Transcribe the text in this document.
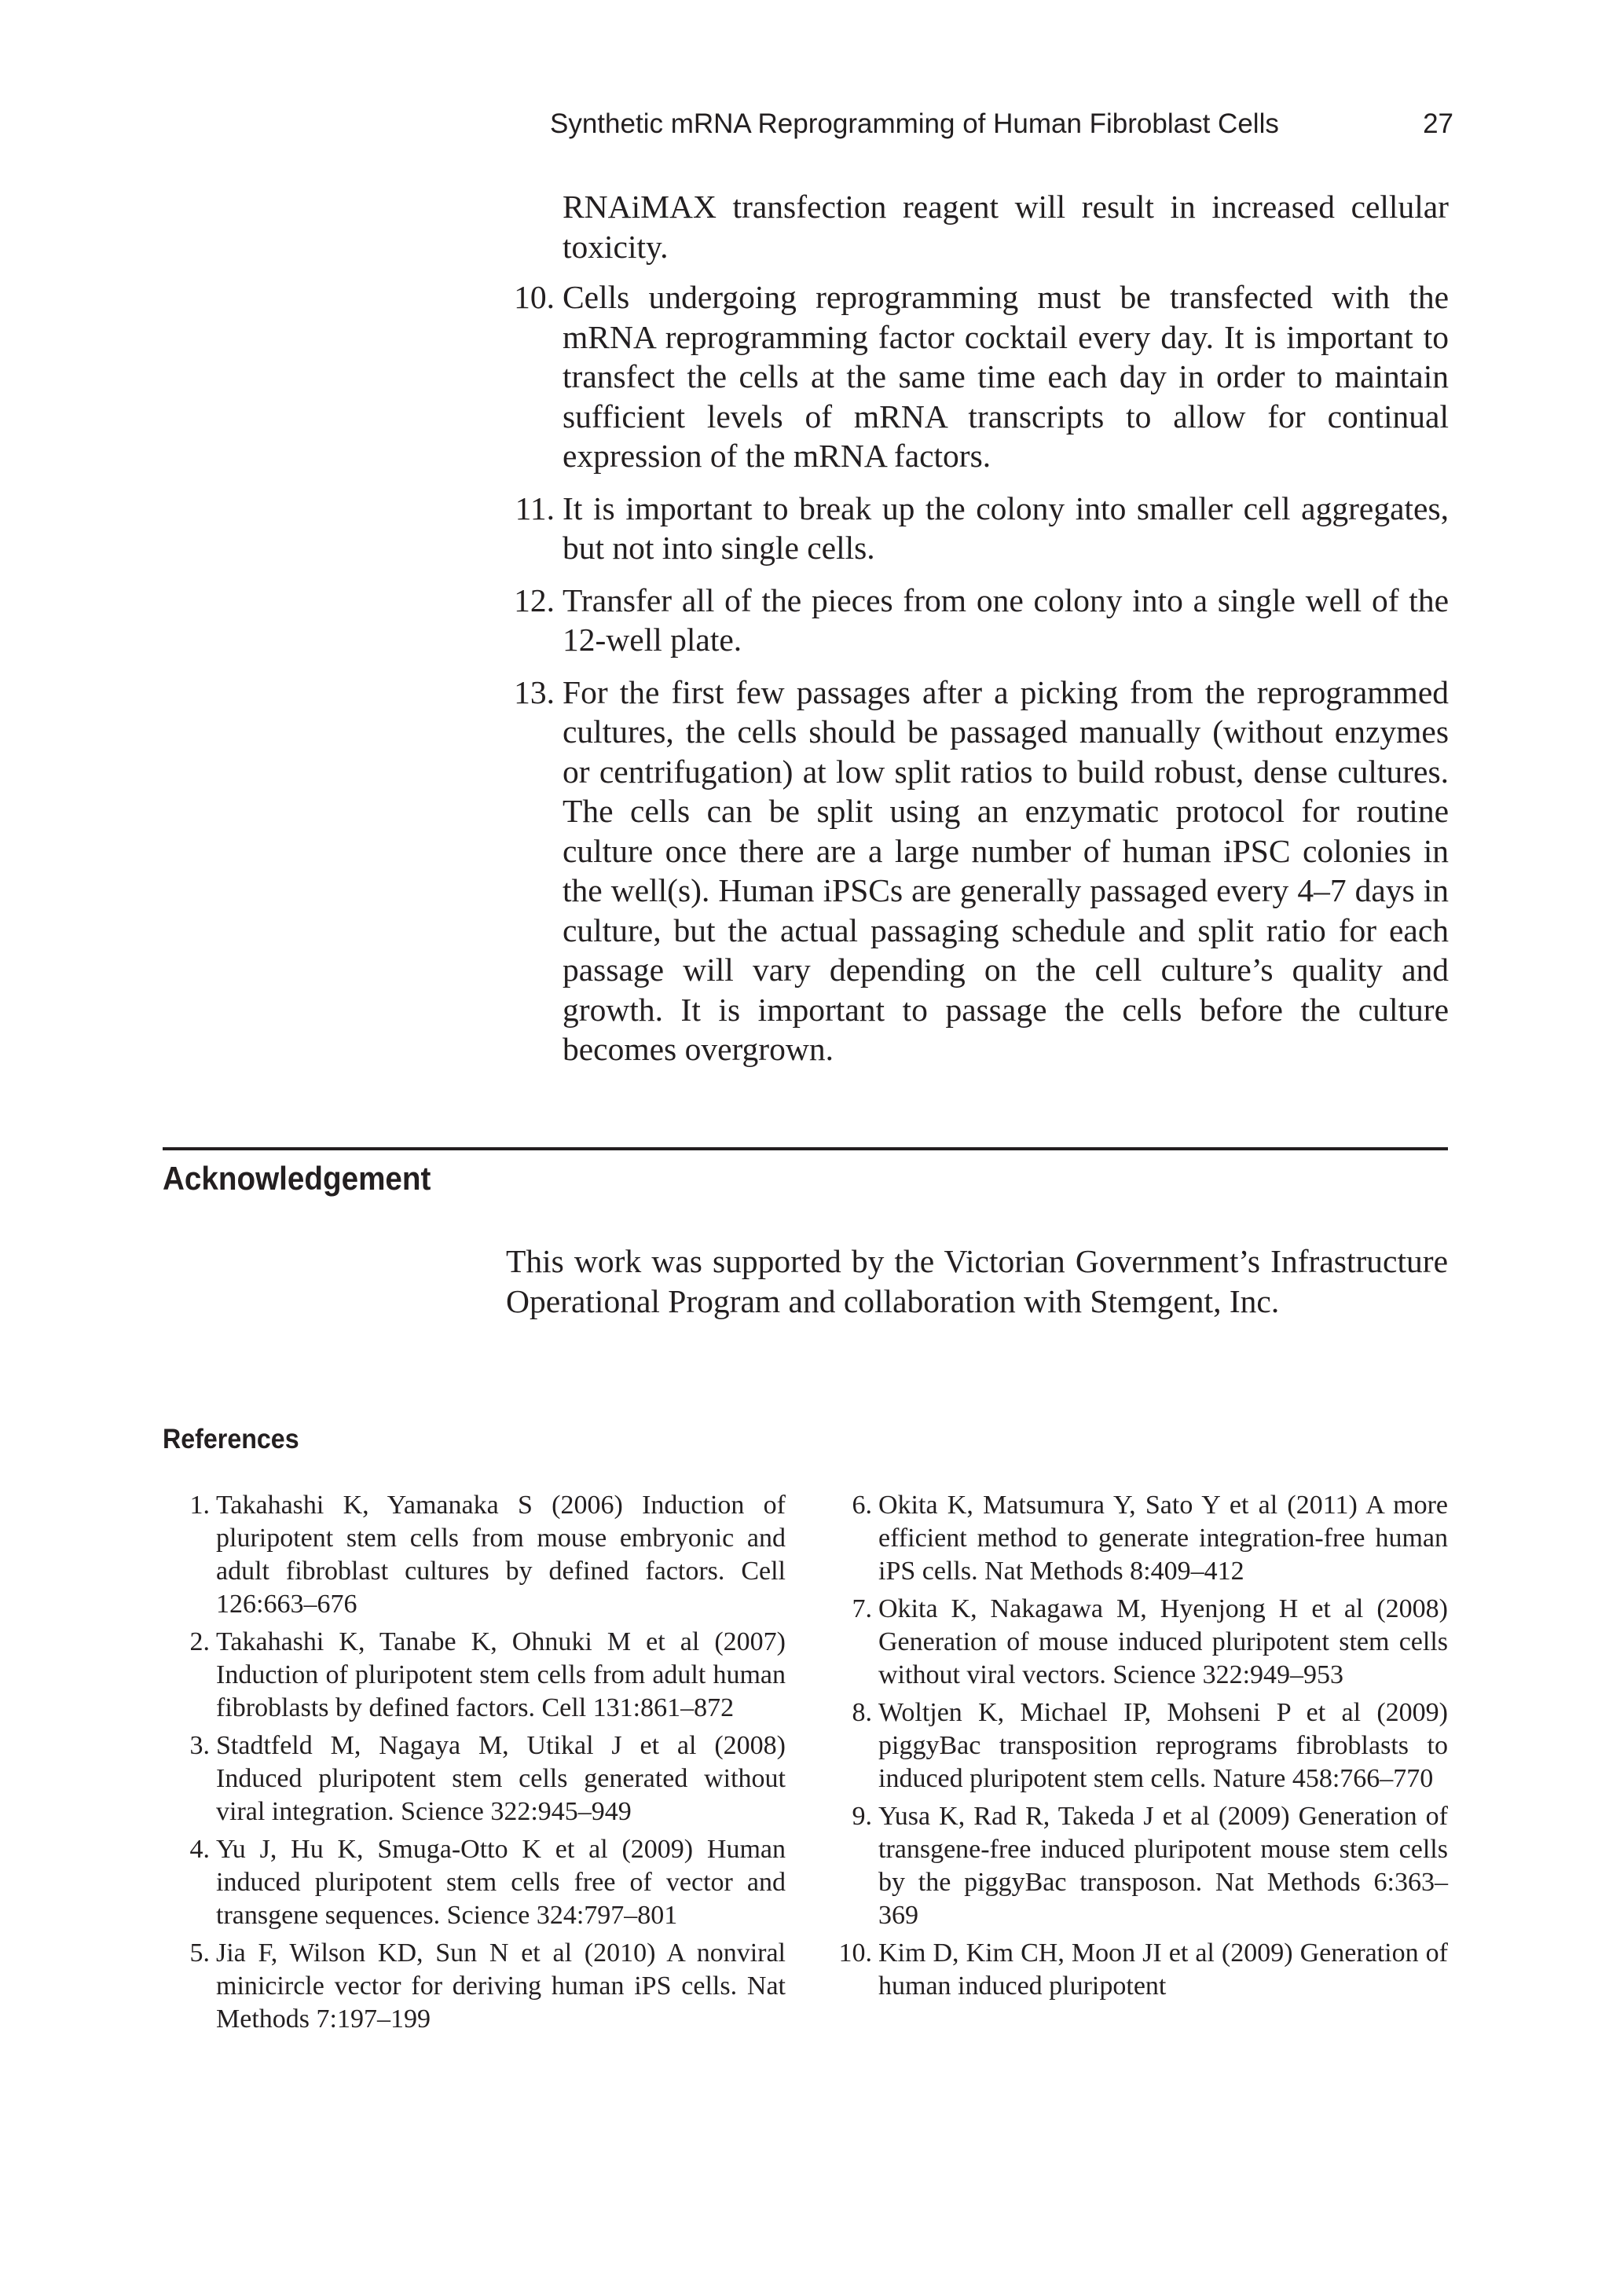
Synthetic mRNA Reprogramming of Human Fibroblast Cells	27

RNAiMAX transfection reagent will result in increased cellular toxicity.

10. Cells undergoing reprogramming must be transfected with the mRNA reprogramming factor cocktail every day. It is important to transfect the cells at the same time each day in order to maintain sufficient levels of mRNA transcripts to allow for continual expression of the mRNA factors.

11. It is important to break up the colony into smaller cell aggregates, but not into single cells.

12. Transfer all of the pieces from one colony into a single well of the 12-well plate.

13. For the first few passages after a picking from the reprogrammed cultures, the cells should be passaged manually (without enzymes or centrifugation) at low split ratios to build robust, dense cultures. The cells can be split using an enzymatic protocol for routine culture once there are a large number of human iPSC colonies in the well(s). Human iPSCs are generally passaged every 4–7 days in culture, but the actual passaging schedule and split ratio for each passage will vary depending on the cell culture’s quality and growth. It is important to passage the cells before the culture becomes overgrown.

Acknowledgement
This work was supported by the Victorian Government’s Infrastructure Operational Program and collaboration with Stemgent, Inc.
References

1. Takahashi K, Yamanaka S (2006) Induction of pluripotent stem cells from mouse embryonic and adult fibroblast cultures by defined factors. Cell 126:663–676

2. Takahashi K, Tanabe K, Ohnuki M et al (2007) Induction of pluripotent stem cells from adult human fibroblasts by defined factors. Cell 131:861–872

3. Stadtfeld M, Nagaya M, Utikal J et al (2008) Induced pluripotent stem cells generated without viral integration. Science 322:945–949

4. Yu J, Hu K, Smuga-Otto K et al (2009) Human induced pluripotent stem cells free of vector and transgene sequences. Science 324:797–801

5. Jia F, Wilson KD, Sun N et al (2010) A nonviral minicircle vector for deriving human iPS cells. Nat Methods 7:197–199

6. Okita K, Matsumura Y, Sato Y et al (2011) A more efficient method to generate integration-free human iPS cells. Nat Methods 8:409–412

7. Okita K, Nakagawa M, Hyenjong H et al (2008) Generation of mouse induced pluripotent stem cells without viral vectors. Science 322:949–953

8. Woltjen K, Michael IP, Mohseni P et al (2009) piggyBac transposition reprograms fibroblasts to induced pluripotent stem cells. Nature 458:766–770

9. Yusa K, Rad R, Takeda J et al (2009) Generation of transgene-free induced pluripotent mouse stem cells by the piggyBac transposon. Nat Methods 6:363–369

10. Kim D, Kim CH, Moon JI et al (2009) Generation of human induced pluripotent
